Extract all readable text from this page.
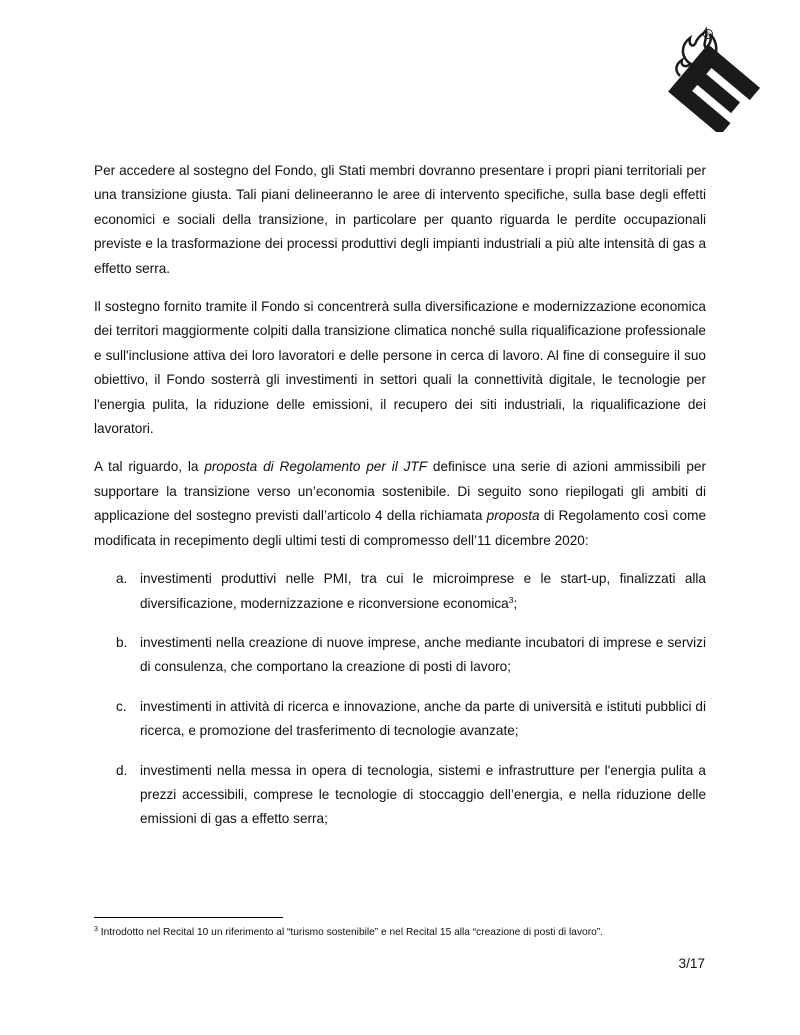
®

Per accedere al sostegno del Fondo, gli Stati membri dovranno presentare i propri piani territoriali per una transizione giusta. Tali piani delineeranno le aree di intervento specifiche, sulla base degli effetti economici e sociali della transizione, in particolare per quanto riguarda le perdite occupazionali previste e la trasformazione dei processi produttivi degli impianti industriali a più alte intensità di gas a effetto serra.

Il sostegno fornito tramite il Fondo si concentrerà sulla diversificazione e modernizzazione economica dei territori maggiormente colpiti dalla transizione climatica nonché sulla riqualificazione professionale e sull'inclusione attiva dei loro lavoratori e delle persone in cerca di lavoro. Al fine di conseguire il suo obiettivo, il Fondo sosterrà gli investimenti in settori quali la connettività digitale, le tecnologie per l'energia pulita, la riduzione delle emissioni, il recupero dei siti industriali, la riqualificazione dei lavoratori.

A tal riguardo, la proposta di Regolamento per il JTF definisce una serie di azioni ammissibili per supportare la transizione verso un’economia sostenibile. Di seguito sono riepilogati gli ambiti di applicazione del sostegno previsti dall’articolo 4 della richiamata proposta di Regolamento così come modificata in recepimento degli ultimi testi di compromesso dell’11 dicembre 2020:

a. investimenti produttivi nelle PMI, tra cui le microimprese e le start-up, finalizzati alla diversificazione, modernizzazione e riconversione economica$^3$;
b. investimenti nella creazione di nuove imprese, anche mediante incubatori di imprese e servizi di consulenza, che comportano la creazione di posti di lavoro;
c. investimenti in attività di ricerca e innovazione, anche da parte di università e istituti pubblici di ricerca, e promozione del trasferimento di tecnologie avanzate;
d. investimenti nella messa in opera di tecnologia, sistemi e infrastrutture per l'energia pulita a prezzi accessibili, comprese le tecnologie di stoccaggio dell’energia, e nella riduzione delle emissioni di gas a effetto serra;
$^3$ Introdotto nel Recital 10 un riferimento al “turismo sostenibile” e nel Recital 15 alla “creazione di posti di lavoro”.
3/17
